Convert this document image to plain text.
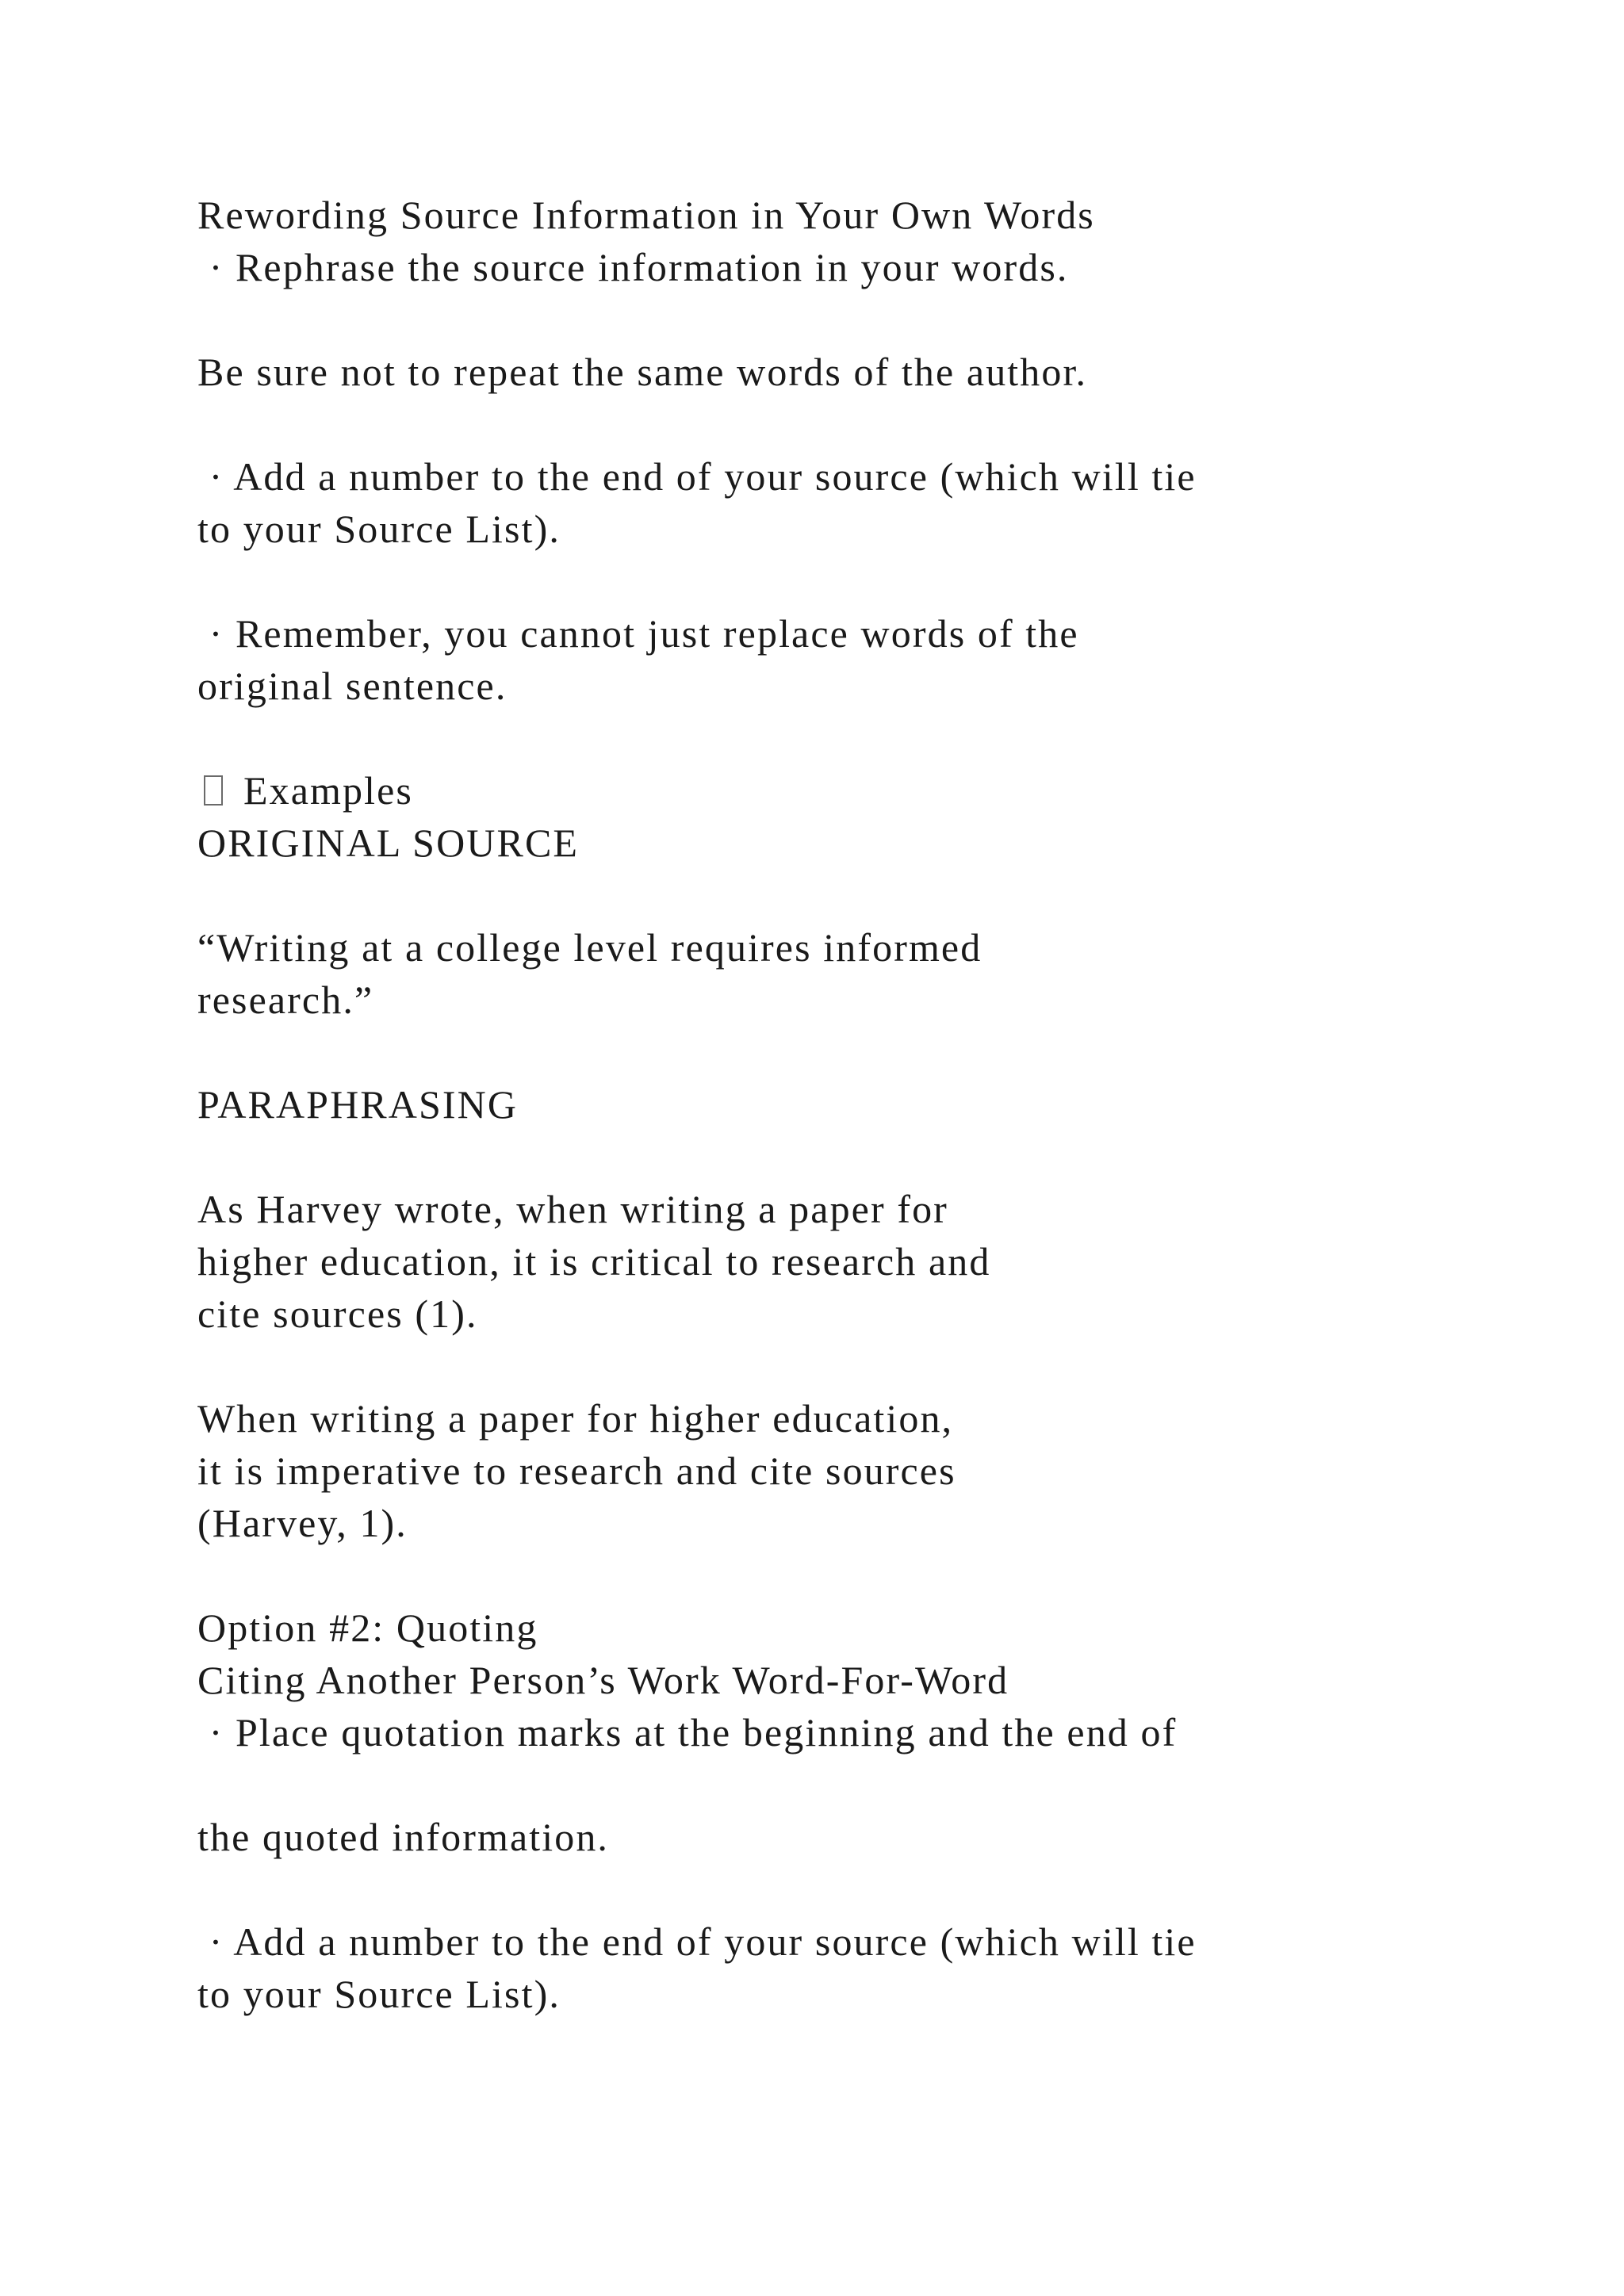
Rewording Source Information in Your Own Words
· Rephrase the source information in your words.
Be sure not to repeat the same words of the author.
· Add a number to the end of your source (which will tie
to your Source List).
· Remember, you cannot just replace words of the
original sentence.
Examples
ORIGINAL SOURCE
“Writing at a college level requires informed
research.”
PARAPHRASING
As Harvey wrote, when writing a paper for
higher education, it is critical to research and
cite sources (1).
When writing a paper for higher education,
it is imperative to research and cite sources
(Harvey, 1).
Option #2: Quoting
Citing Another Person’s Work Word-For-Word
· Place quotation marks at the beginning and the end of
the quoted information.
· Add a number to the end of your source (which will tie
to your Source List).
